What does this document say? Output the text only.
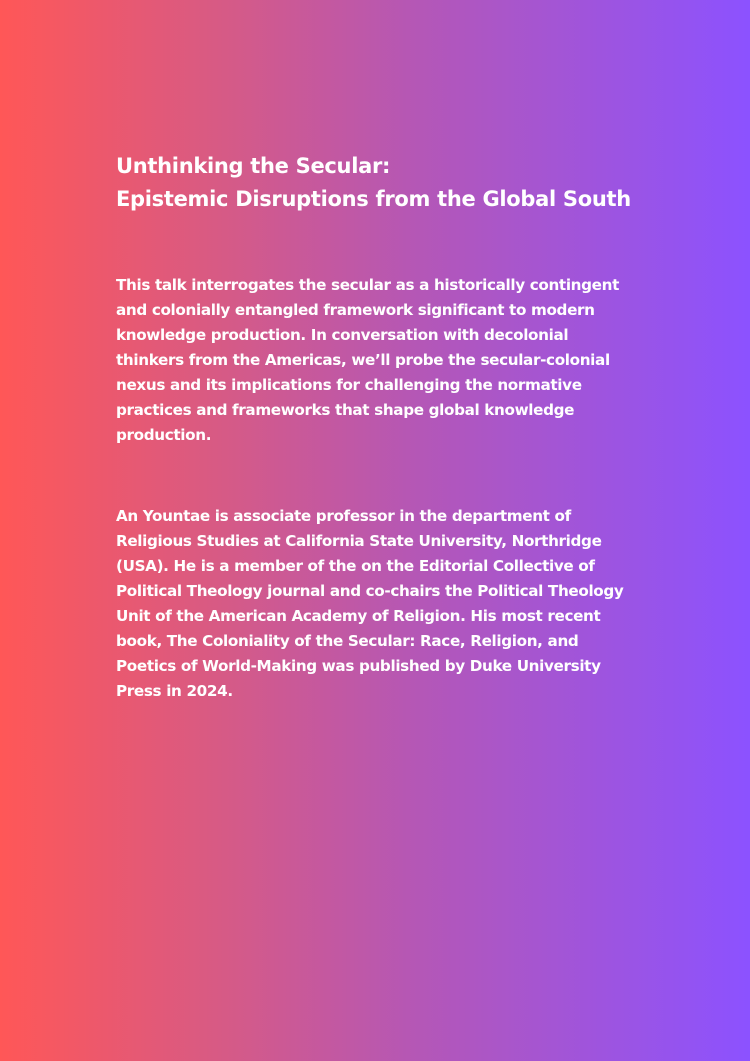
Unthinking the Secular:
Epistemic Disruptions from the Global South

This talk interrogates the secular as a historically contingent and colonially entangled framework significant to modern knowledge production. In conversation with decolonial thinkers from the Americas, we’ll probe the secular-colonial nexus and its implications for challenging the normative practices and frameworks that shape global knowledge production.

An Yountae is associate professor in the department of Religious Studies at California State University, Northridge (USA). He is a member of the on the Editorial Collective of Political Theology journal and co-chairs the Political Theology Unit of the American Academy of Religion. His most recent book, The Coloniality of the Secular: Race, Religion, and Poetics of World-Making was published by Duke University Press in 2024.
